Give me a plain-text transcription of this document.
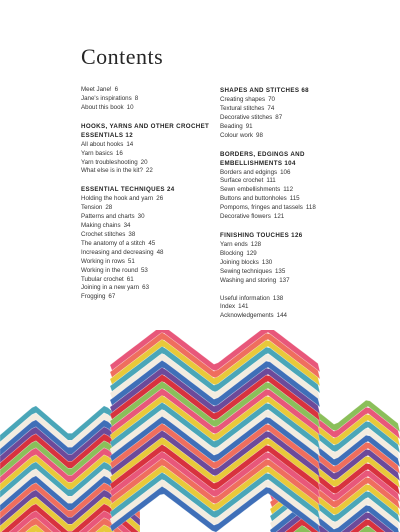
Contents
Meet Jane! 6
Jane's inspirations 8
About this book 10
HOOKS, YARNS AND OTHER CROCHET ESSENTIALS 12
All about hooks 14
Yarn basics 16
Yarn troubleshooting 20
What else is in the kit? 22
ESSENTIAL TECHNIQUES 24
Holding the hook and yarn 26
Tension 28
Patterns and charts 30
Making chains 34
Crochet stitches 38
The anatomy of a stitch 45
Increasing and decreasing 48
Working in rows 51
Working in the round 53
Tubular crochet 61
Joining in a new yarn 63
Frogging 67
SHAPES AND STITCHES 68
Creating shapes 70
Textural stitches 74
Decorative stitches 87
Beading 91
Colour work 98
BORDERS, EDGINGS AND EMBELLISHMENTS 104
Borders and edgings 106
Surface crochet 111
Sewn embellishments 112
Buttons and buttonholes 115
Pompoms, fringes and tassels 118
Decorative flowers 121
FINISHING TOUCHES 126
Yarn ends 128
Blocking 129
Joining blocks 130
Sewing techniques 135
Washing and storing 137
Useful information 138
Index 141
Acknowledgements 144
